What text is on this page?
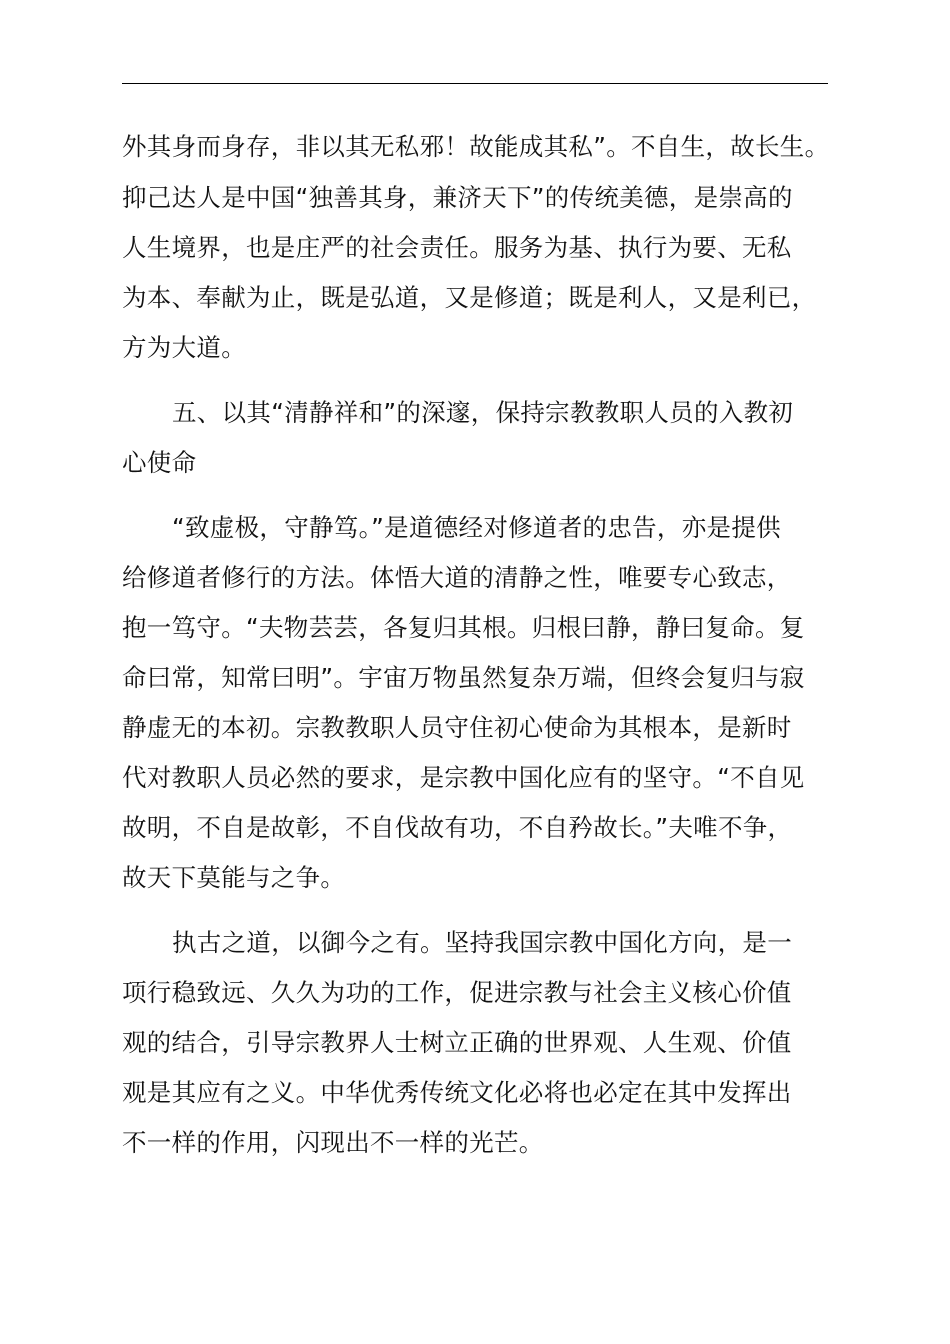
外其身而身存，非以其无私邪！故能成其私”。不自生，故长生。

抑己达人是中国“独善其身，兼济天下”的传统美德，是崇高的

人生境界，也是庄严的社会责任。服务为基、执行为要、无私

为本、奉献为止，既是弘道，又是修道；既是利人，又是利已，

方为大道。

五、以其“清静祥和”的深邃，保持宗教教职人员的入教初

心使命

“致虚极，守静笃。”是道德经对修道者的忠告，亦是提供

给修道者修行的方法。体悟大道的清静之性，唯要专心致志，

抱一笃守。“夫物芸芸，各复归其根。归根曰静，静曰复命。复

命曰常，知常曰明”。宇宙万物虽然复杂万端，但终会复归与寂

静虚无的本初。宗教教职人员守住初心使命为其根本，是新时

代对教职人员必然的要求，是宗教中国化应有的坚守。“不自见

故明，不自是故彰，不自伐故有功，不自矜故长。”夫唯不争，

故天下莫能与之争。

执古之道，以御今之有。坚持我国宗教中国化方向，是一

项行稳致远、久久为功的工作，促进宗教与社会主义核心价值

观的结合，引导宗教界人士树立正确的世界观、人生观、价值

观是其应有之义。中华优秀传统文化必将也必定在其中发挥出

不一样的作用，闪现出不一样的光芒。
